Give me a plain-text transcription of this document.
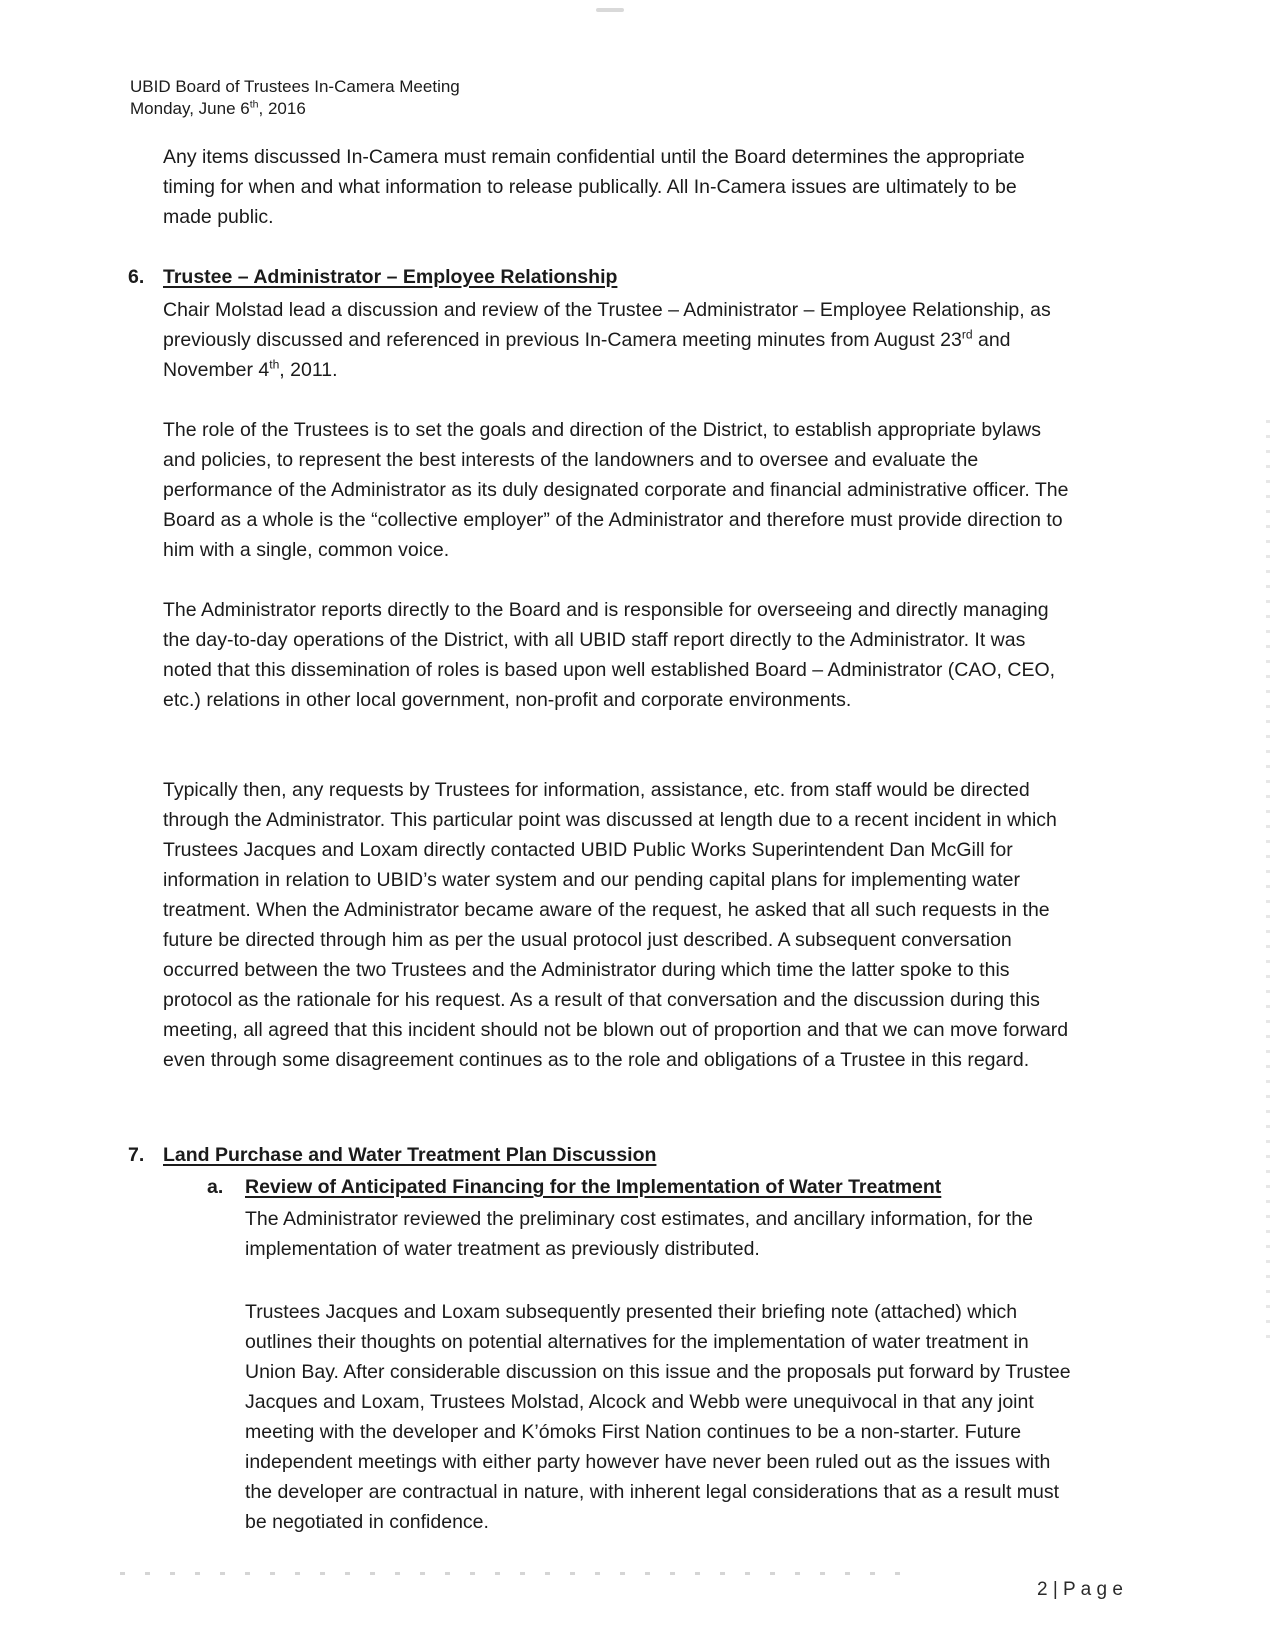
UBID Board of Trustees In-Camera Meeting
Monday, June 6th, 2016

Any items discussed In-Camera must remain confidential until the Board determines the appropriate timing for when and what information to release publically. All In-Camera issues are ultimately to be made public.

6. Trustee – Administrator – Employee Relationship

Chair Molstad lead a discussion and review of the Trustee – Administrator – Employee Relationship, as previously discussed and referenced in previous In-Camera meeting minutes from August 23rd and November 4th, 2011.

The role of the Trustees is to set the goals and direction of the District, to establish appropriate bylaws and policies, to represent the best interests of the landowners and to oversee and evaluate the performance of the Administrator as its duly designated corporate and financial administrative officer. The Board as a whole is the “collective employer” of the Administrator and therefore must provide direction to him with a single, common voice.

The Administrator reports directly to the Board and is responsible for overseeing and directly managing the day-to-day operations of the District, with all UBID staff report directly to the Administrator. It was noted that this dissemination of roles is based upon well established Board – Administrator (CAO, CEO, etc.) relations in other local government, non-profit and corporate environments.

Typically then, any requests by Trustees for information, assistance, etc. from staff would be directed through the Administrator. This particular point was discussed at length due to a recent incident in which Trustees Jacques and Loxam directly contacted UBID Public Works Superintendent Dan McGill for information in relation to UBID’s water system and our pending capital plans for implementing water treatment. When the Administrator became aware of the request, he asked that all such requests in the future be directed through him as per the usual protocol just described. A subsequent conversation occurred between the two Trustees and the Administrator during which time the latter spoke to this protocol as the rationale for his request. As a result of that conversation and the discussion during this meeting, all agreed that this incident should not be blown out of proportion and that we can move forward even through some disagreement continues as to the role and obligations of a Trustee in this regard.

7. Land Purchase and Water Treatment Plan Discussion
a.	Review of Anticipated Financing for the Implementation of Water Treatment

The Administrator reviewed the preliminary cost estimates, and ancillary information, for the implementation of water treatment as previously distributed.

Trustees Jacques and Loxam subsequently presented their briefing note (attached) which outlines their thoughts on potential alternatives for the implementation of water treatment in Union Bay. After considerable discussion on this issue and the proposals put forward by Trustee Jacques and Loxam, Trustees Molstad, Alcock and Webb were unequivocal in that any joint meeting with the developer and K’ómoks First Nation continues to be a non-starter. Future independent meetings with either party however have never been ruled out as the issues with the developer are contractual in nature, with inherent legal considerations that as a result must be negotiated in confidence.

2 | P a g e
